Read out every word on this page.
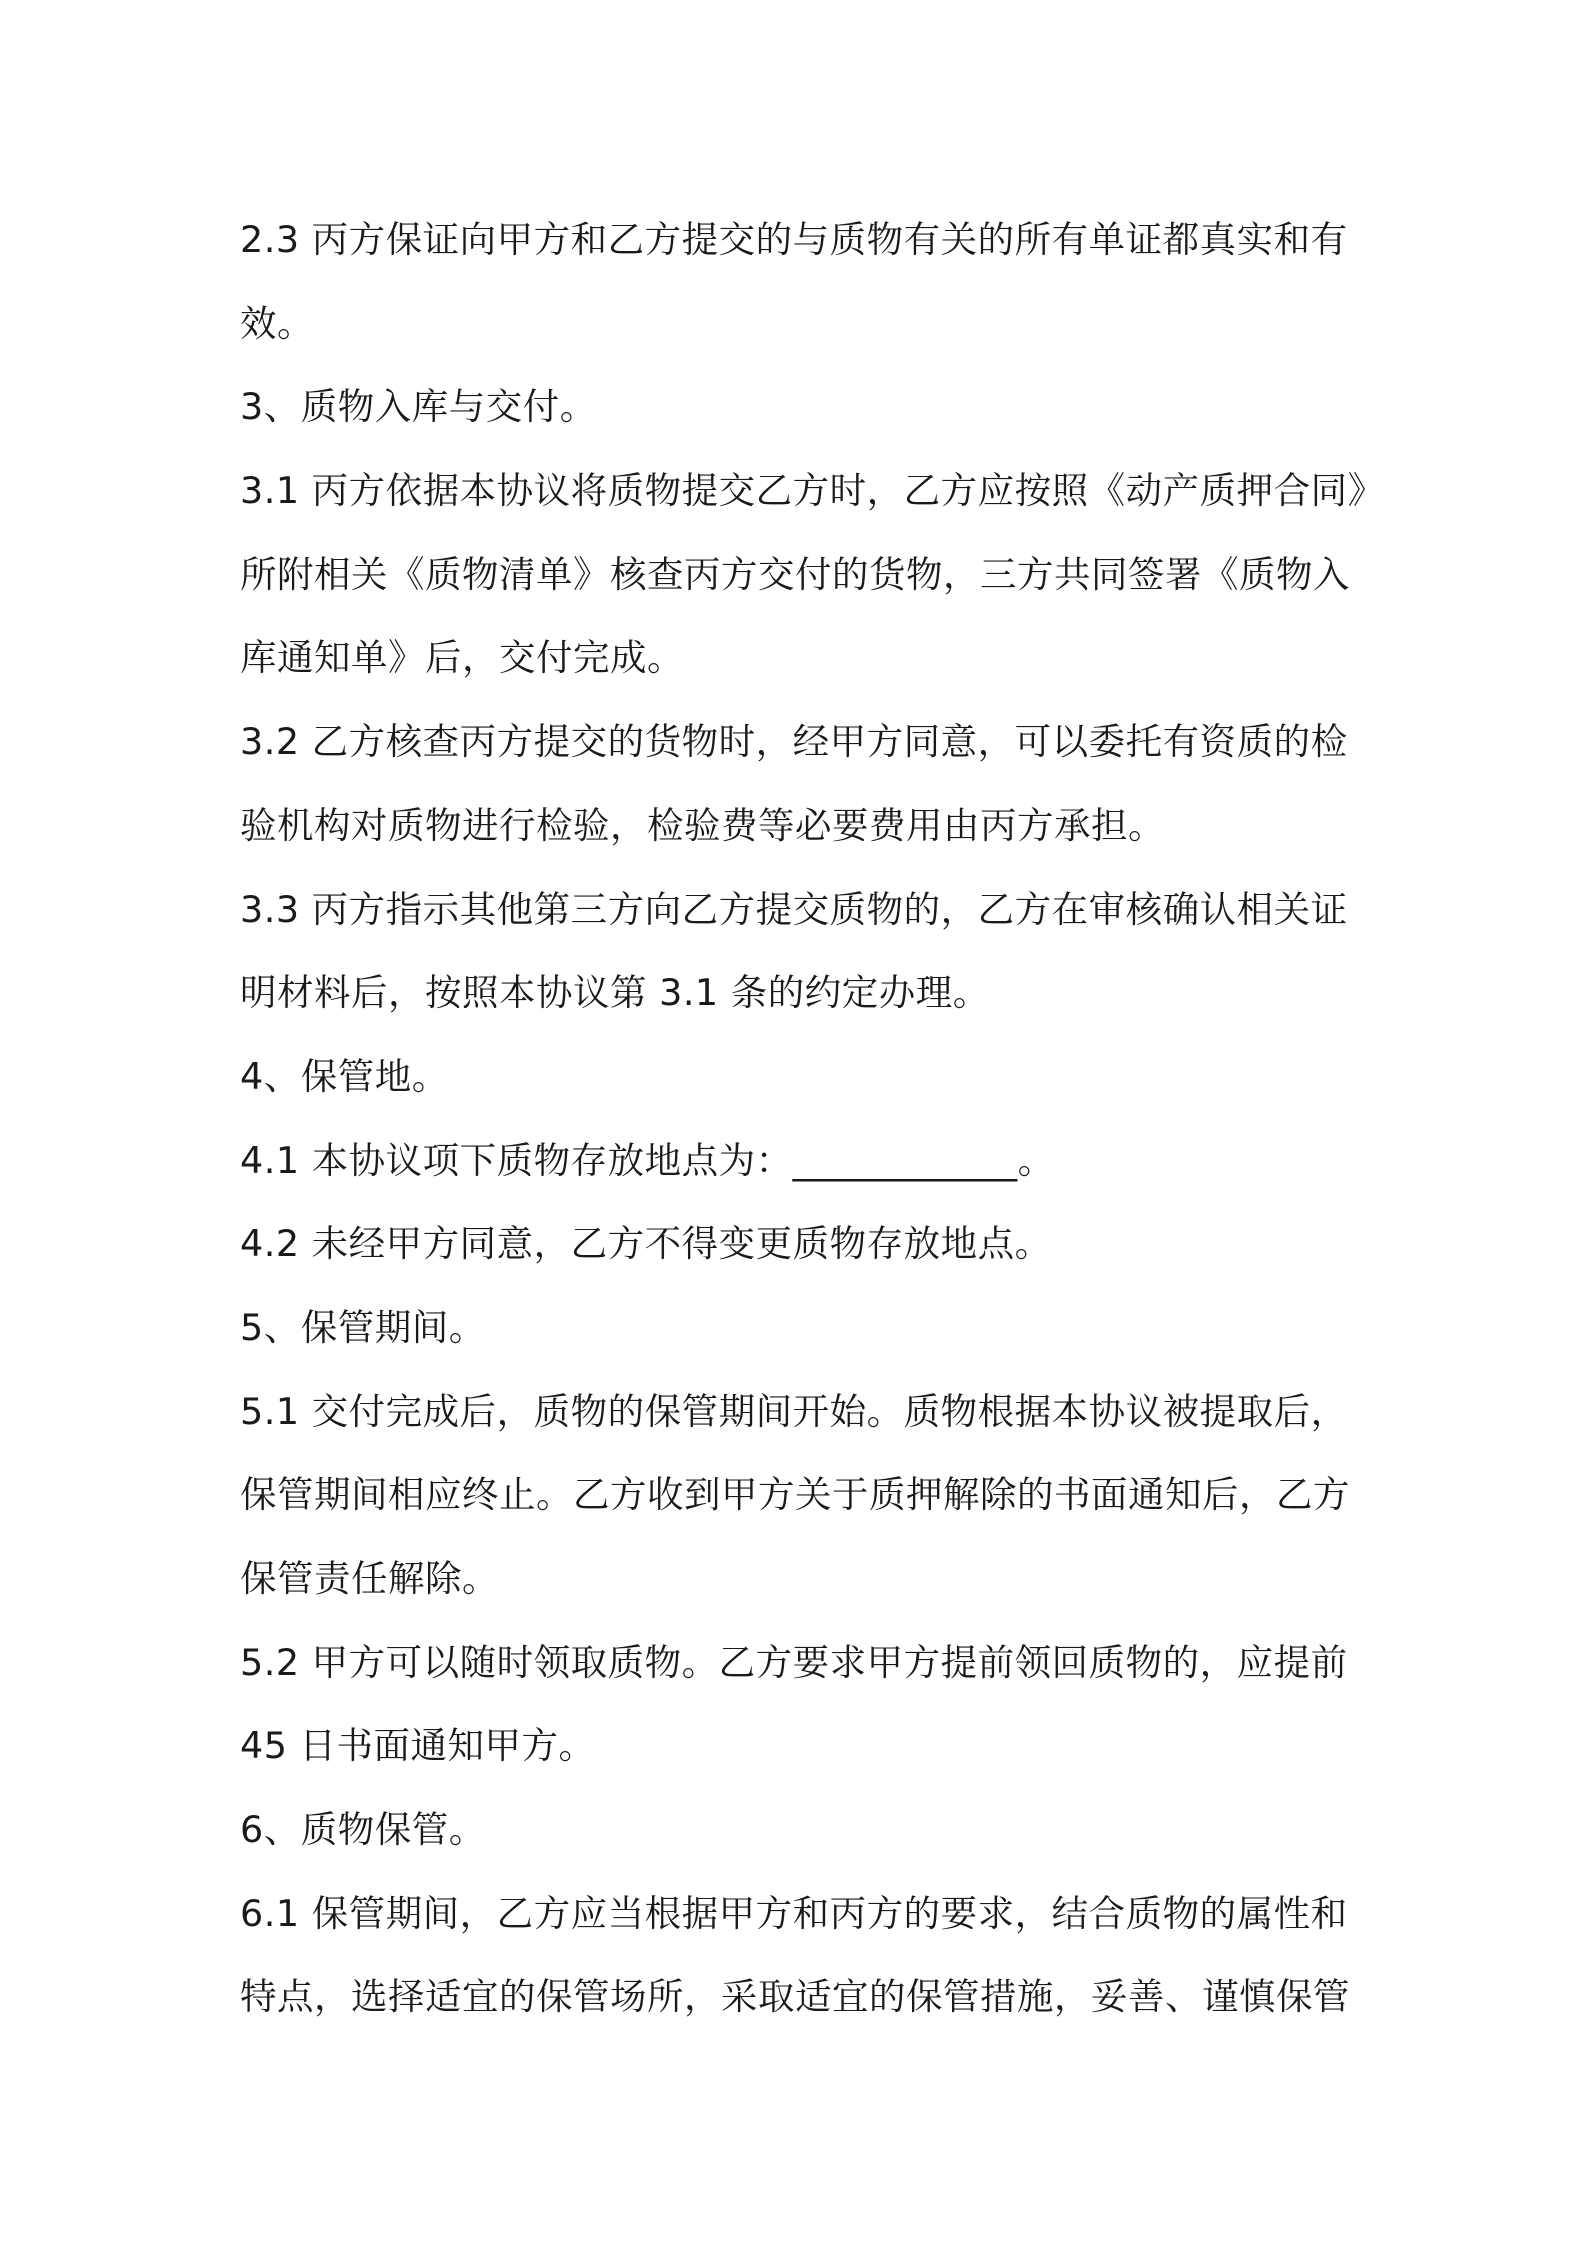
2.3 丙方保证向甲方和乙方提交的与质物有关的所有单证都真实和有
效。
3、质物入库与交付。
3.1 丙方依据本协议将质物提交乙方时，乙方应按照《动产质押合同》
所附相关《质物清单》核查丙方交付的货物，三方共同签署《质物入
库通知单》后，交付完成。
3.2 乙方核查丙方提交的货物时，经甲方同意，可以委托有资质的检
验机构对质物进行检验，检验费等必要费用由丙方承担。
3.3 丙方指示其他第三方向乙方提交质物的，乙方在审核确认相关证
明材料后，按照本协议第 3.1 条的约定办理。
4、保管地。
4.1 本协议项下质物存放地点为：____________。
4.2 未经甲方同意，乙方不得变更质物存放地点。
5、保管期间。
5.1 交付完成后，质物的保管期间开始。质物根据本协议被提取后，
保管期间相应终止。乙方收到甲方关于质押解除的书面通知后，乙方
保管责任解除。
5.2 甲方可以随时领取质物。乙方要求甲方提前领回质物的，应提前
45 日书面通知甲方。
6、质物保管。
6.1 保管期间，乙方应当根据甲方和丙方的要求，结合质物的属性和
特点，选择适宜的保管场所，采取适宜的保管措施，妥善、谨慎保管
